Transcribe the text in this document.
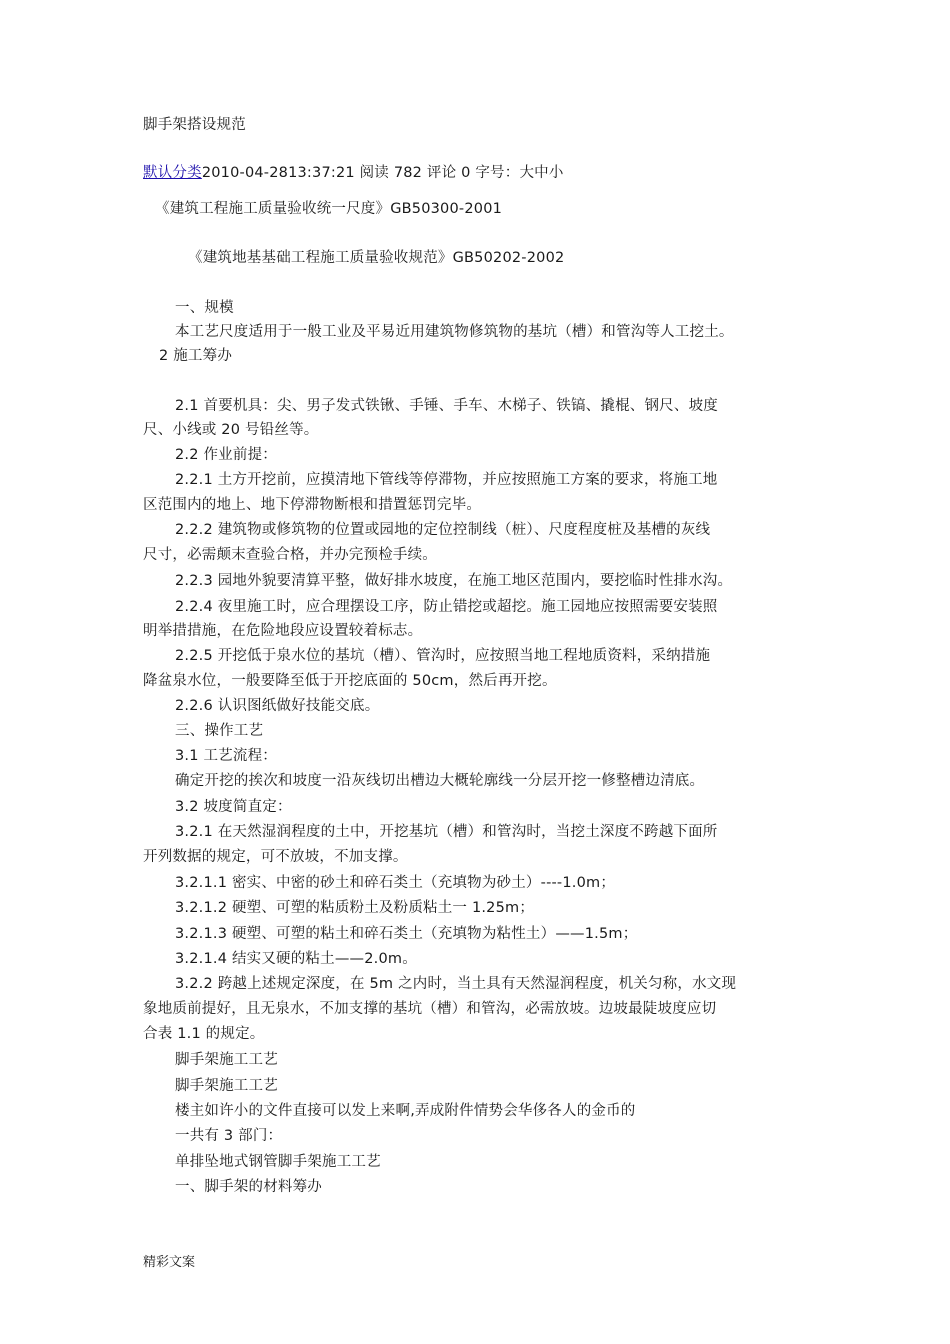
脚手架搭设规范

默认分类2010-04-2813:37:21 阅读 782 评论 0 字号：大中小

《建筑工程施工质量验收统一尺度》GB50300-2001

《建筑地基基础工程施工质量验收规范》GB50202-2002

一、规模

本工艺尺度适用于一般工业及平易近用建筑物修筑物的基坑（槽）和管沟等人工挖土。

2 施工筹办

2.1 首要机具：尖、男子发式铁锹、手锤、手车、木梯子、铁镐、撬棍、钢尺、坡度

尺、小线或 20 号铅丝等。

2.2 作业前提：

2.2.1 土方开挖前，应摸清地下管线等停滞物，并应按照施工方案的要求，将施工地

区范围内的地上、地下停滞物断根和措置惩罚完毕。

2.2.2 建筑物或修筑物的位置或园地的定位控制线（桩）、尺度程度桩及基槽的灰线

尺寸，必需颠末查验合格，并办完预检手续。

2.2.3 园地外貌要清算平整，做好排水坡度，在施工地区范围内，要挖临时性排水沟。

2.2.4 夜里施工时，应合理摆设工序，防止错挖或超挖。施工园地应按照需要安装照

明举措措施，在危险地段应设置较着标志。

2.2.5 开挖低于泉水位的基坑（槽）、管沟时，应按照当地工程地质资料，采纳措施

降盆泉水位，一般要降至低于开挖底面的 50cm，然后再开挖。

2.2.6 认识图纸做好技能交底。

三、操作工艺

3.1 工艺流程：

确定开挖的挨次和坡度一沿灰线切出槽边大概轮廓线一分层开挖一修整槽边清底。

3.2 坡度简直定：

3.2.1 在天然湿润程度的土中，开挖基坑（槽）和管沟时，当挖土深度不跨越下面所

开列数据的规定，可不放坡，不加支撑。

3.2.1.1 密实、中密的砂土和碎石类土（充填物为砂土）----1.0m；

3.2.1.2 硬塑、可塑的粘质粉土及粉质粘土一 1.25m；

3.2.1.3 硬塑、可塑的粘土和碎石类土（充填物为粘性土）——1.5m；

3.2.1.4 结实又硬的粘土——2.0m。

3.2.2 跨越上述规定深度，在 5m 之内时，当土具有天然湿润程度，机关匀称，水文现

象地质前提好，且无泉水，不加支撑的基坑（槽）和管沟，必需放坡。边坡最陡坡度应切

合表 1.1 的规定。

脚手架施工工艺

脚手架施工工艺

楼主如许小的文件直接可以发上来啊,弄成附件情势会华侈各人的金币的

一共有 3 部门：

单排坠地式钢管脚手架施工工艺

一、脚手架的材料筹办

精彩文案
